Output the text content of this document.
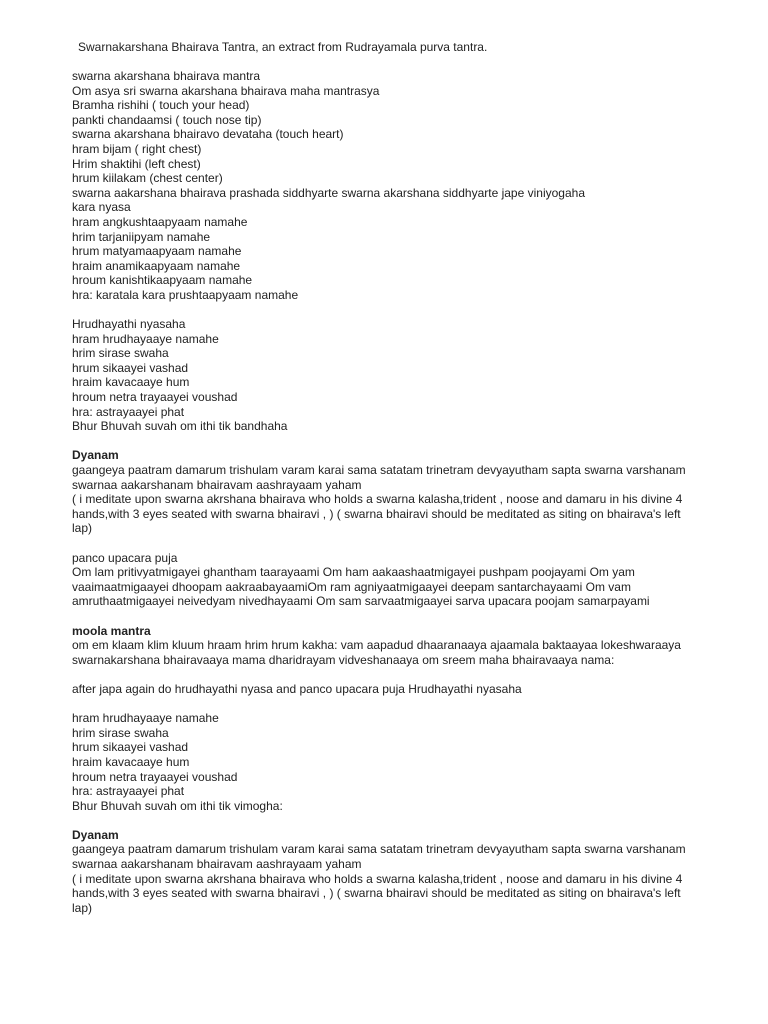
Swarnakarshana Bhairava Tantra, an extract from Rudrayamala purva tantra.

swarna akarshana bhairava mantra

Om asya sri swarna akarshana bhairava maha mantrasya

Bramha rishihi ( touch your head)

pankti chandaamsi ( touch nose tip)

swarna akarshana bhairavo devataha (touch heart)

hram bijam ( right chest)

Hrim shaktihi (left chest)

hrum kiilakam (chest center)

swarna aakarshana bhairava prashada siddhyarte swarna akarshana siddhyarte jape viniyogaha

kara nyasa

hram angkushtaapyaam namahe

hrim tarjaniipyam namahe

hrum matyamaapyaam namahe

hraim anamikaapyaam namahe

hroum kanishtikaapyaam namahe

hra: karatala kara prushtaapyaam namahe

Hrudhayathi nyasaha

hram hrudhayaaye namahe

hrim sirase swaha

hrum sikaayei vashad

hraim kavacaaye hum

hroum netra trayaayei voushad

hra: astrayaayei phat

Bhur Bhuvah suvah om ithi tik bandhaha

Dyanam

gaangeya paatram damarum trishulam varam karai sama satatam trinetram devyayutham sapta swarna varshanam swarnaa aakarshanam bhairavam aashrayaam yaham

( i meditate upon swarna akrshana bhairava who holds a swarna kalasha,trident , noose and damaru in his divine 4 hands,with 3 eyes seated with swarna bhairavi , ) ( swarna bhairavi should be meditated as siting on bhairava's left lap)

panco upacara puja

Om lam pritivyatmigayei ghantham taarayaami Om ham aakaashaatmigayei pushpam poojayami Om yam vaaimaatmigaayei dhoopam aakraabayaamiOm ram agniyaatmigaayei deepam santarchayaami Om vam amruthaatmigaayei neivedyam nivedhayaami Om sam sarvaatmigaayei sarva upacara poojam samarpayami

moola mantra

om em klaam klim kluum hraam hrim hrum kakha: vam aapadud dhaaranaaya ajaamala baktaayaa lokeshwaraaya swarnakarshana bhairavaaya mama dharidrayam vidveshanaaya om sreem maha bhairavaaya nama:

after japa again do hrudhayathi nyasa and panco upacara puja Hrudhayathi nyasaha

hram hrudhayaaye namahe

hrim sirase swaha

hrum sikaayei vashad

hraim kavacaaye hum

hroum netra trayaayei voushad

hra: astrayaayei phat

Bhur Bhuvah suvah om ithi tik vimogha:

Dyanam

gaangeya paatram damarum trishulam varam karai sama satatam trinetram devyayutham sapta swarna varshanam swarnaa aakarshanam bhairavam aashrayaam yaham

( i meditate upon swarna akrshana bhairava who holds a swarna kalasha,trident , noose and damaru in his divine 4 hands,with 3 eyes seated with swarna bhairavi , ) ( swarna bhairavi should be meditated as siting on bhairava's left lap)
